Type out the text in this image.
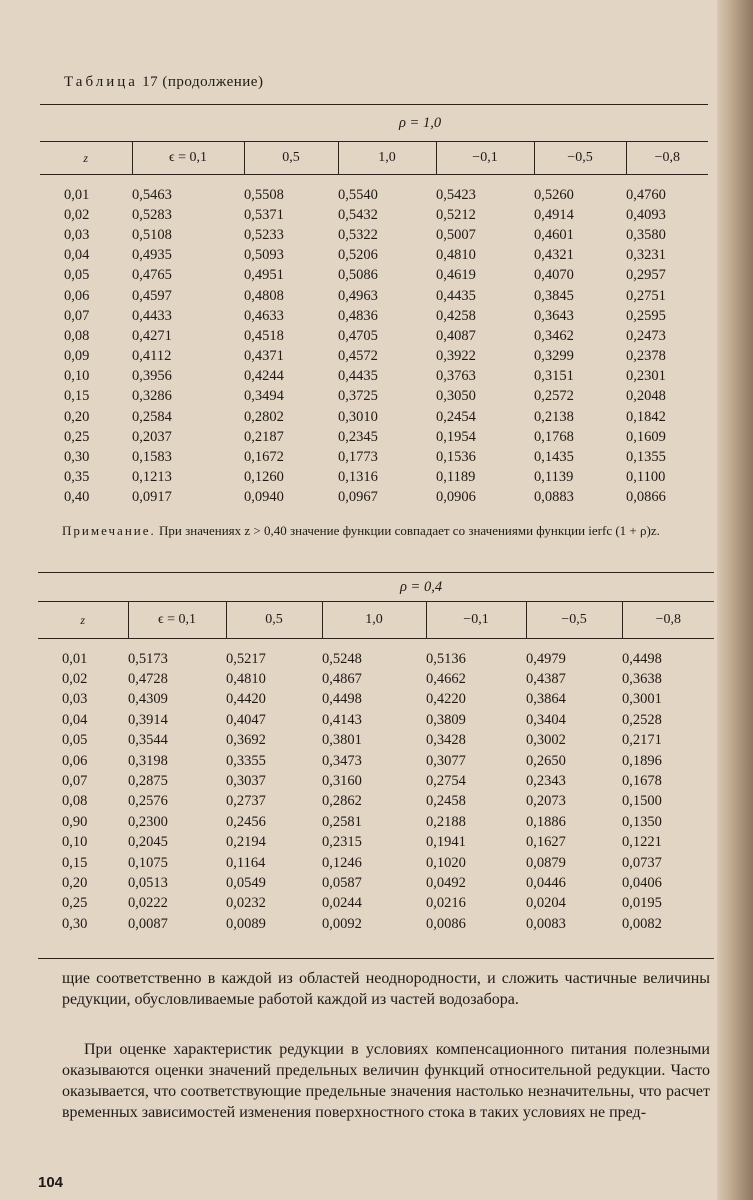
Таблица 17 (продолжение)
	ρ = 1,0					
z	ϵ = 0,1	0,5	1,0	−0,1	−0,5	−0,8

0,01	0,5463	0,5508	0,5540	0,5423	0,5260	0,4760
0,02	0,5283	0,5371	0,5432	0,5212	0,4914	0,4093
0,03	0,5108	0,5233	0,5322	0,5007	0,4601	0,3580
0,04	0,4935	0,5093	0,5206	0,4810	0,4321	0,3231
0,05	0,4765	0,4951	0,5086	0,4619	0,4070	0,2957
0,06	0,4597	0,4808	0,4963	0,4435	0,3845	0,2751
0,07	0,4433	0,4633	0,4836	0,4258	0,3643	0,2595
0,08	0,4271	0,4518	0,4705	0,4087	0,3462	0,2473
0,09	0,4112	0,4371	0,4572	0,3922	0,3299	0,2378
0,10	0,3956	0,4244	0,4435	0,3763	0,3151	0,2301
0,15	0,3286	0,3494	0,3725	0,3050	0,2572	0,2048
0,20	0,2584	0,2802	0,3010	0,2454	0,2138	0,1842
0,25	0,2037	0,2187	0,2345	0,1954	0,1768	0,1609
0,30	0,1583	0,1672	0,1773	0,1536	0,1435	0,1355
0,35	0,1213	0,1260	0,1316	0,1189	0,1139	0,1100
0,40	0,0917	0,0940	0,0967	0,0906	0,0883	0,0866
Примечание. При значениях z > 0,40 значение функции совпадает со значениями функции ierfc (1 + ρ)z.
	ρ = 0,4					
z	ϵ = 0,1	0,5	1,0	−0,1	−0,5	−0,8

0,01	0,5173	0,5217	0,5248	0,5136	0,4979	0,4498
0,02	0,4728	0,4810	0,4867	0,4662	0,4387	0,3638
0,03	0,4309	0,4420	0,4498	0,4220	0,3864	0,3001
0,04	0,3914	0,4047	0,4143	0,3809	0,3404	0,2528
0,05	0,3544	0,3692	0,3801	0,3428	0,3002	0,2171
0,06	0,3198	0,3355	0,3473	0,3077	0,2650	0,1896
0,07	0,2875	0,3037	0,3160	0,2754	0,2343	0,1678
0,08	0,2576	0,2737	0,2862	0,2458	0,2073	0,1500
0,90	0,2300	0,2456	0,2581	0,2188	0,1886	0,1350
0,10	0,2045	0,2194	0,2315	0,1941	0,1627	0,1221
0,15	0,1075	0,1164	0,1246	0,1020	0,0879	0,0737
0,20	0,0513	0,0549	0,0587	0,0492	0,0446	0,0406
0,25	0,0222	0,0232	0,0244	0,0216	0,0204	0,0195
0,30	0,0087	0,0089	0,0092	0,0086	0,0083	0,0082

щие соответственно в каждой из областей неоднородности, и сложить частичные величины редукции, обусловливаемые работой каждой из частей водозабора.

При оценке характеристик редукции в условиях компенсационного питания полезными оказываются оценки значений предельных величин функций относительной редукции. Часто оказывается, что соответствующие предельные значения настолько незначительны, что расчет временных зависимостей изменения поверхностного стока в таких условиях не пред-

104
